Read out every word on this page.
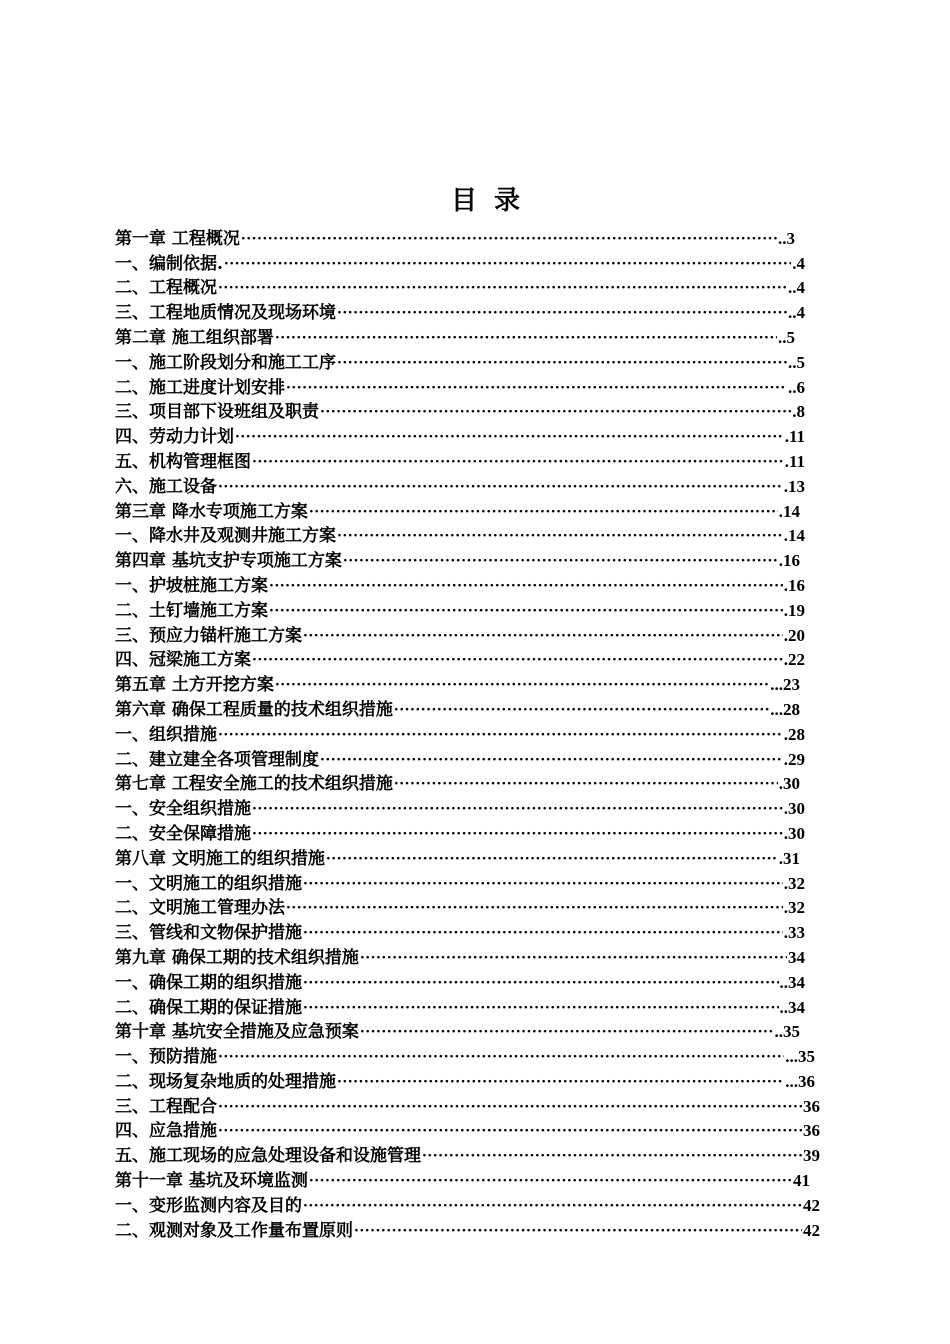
目 录
第一章 工程概况 ·····	..3
一、编制依据. ·····	.4
二、工程概况 ·····	..4
三、工程地质情况及现场环境 ·····	..4
第二章 施工组织部署 ·····	..5
一、施工阶段划分和施工工序 ·····	..5
二、施工进度计划安排 ·····	..6
三、项目部下设班组及职责 ·····	.8
四、劳动力计划 ·····	.11
五、机构管理框图 ·····	.11
六、施工设备 ·····	.13
第三章 降水专项施工方案 ·····	.14
一、降水井及观测井施工方案 ·····	.14
第四章 基坑支护专项施工方案 ·····	.16
一、护坡桩施工方案 ·····	.16
二、土钉墙施工方案 ·····	.19
三、预应力锚杆施工方案 ·····	.20
四、冠梁施工方案 ·····	.22
第五章 土方开挖方案 ·····	...23
第六章 确保工程质量的技术组织措施 ·····	...28
一、组织措施 ·····	.28
二、建立建全各项管理制度 ·····	.29
第七章 工程安全施工的技术组织措施 ·····	.30
一、安全组织措施 ·····	.30
二、安全保障措施 ·····	.30
第八章 文明施工的组织措施 ·····	.31
一、文明施工的组织措施 ·····	.32
二、文明施工管理办法 ·····	.32
三、管线和文物保护措施 ·····	.33
第九章 确保工期的技术组织措施 ·····	34
一、确保工期的组织措施 ·····	..34
二、确保工期的保证措施 ·····	..34
第十章 基坑安全措施及应急预案 ·····	..35
一、预防措施 ·····	...35
二、现场复杂地质的处理措施 ·····	...36
三、工程配合 ·····	36
四、应急措施 ·····	36
五、施工现场的应急处理设备和设施管理 ·····	39
第十一章 基坑及环境监测 ·····	41
一、变形监测内容及目的 ·····	42
二、观测对象及工作量布置原则 ·····	42
